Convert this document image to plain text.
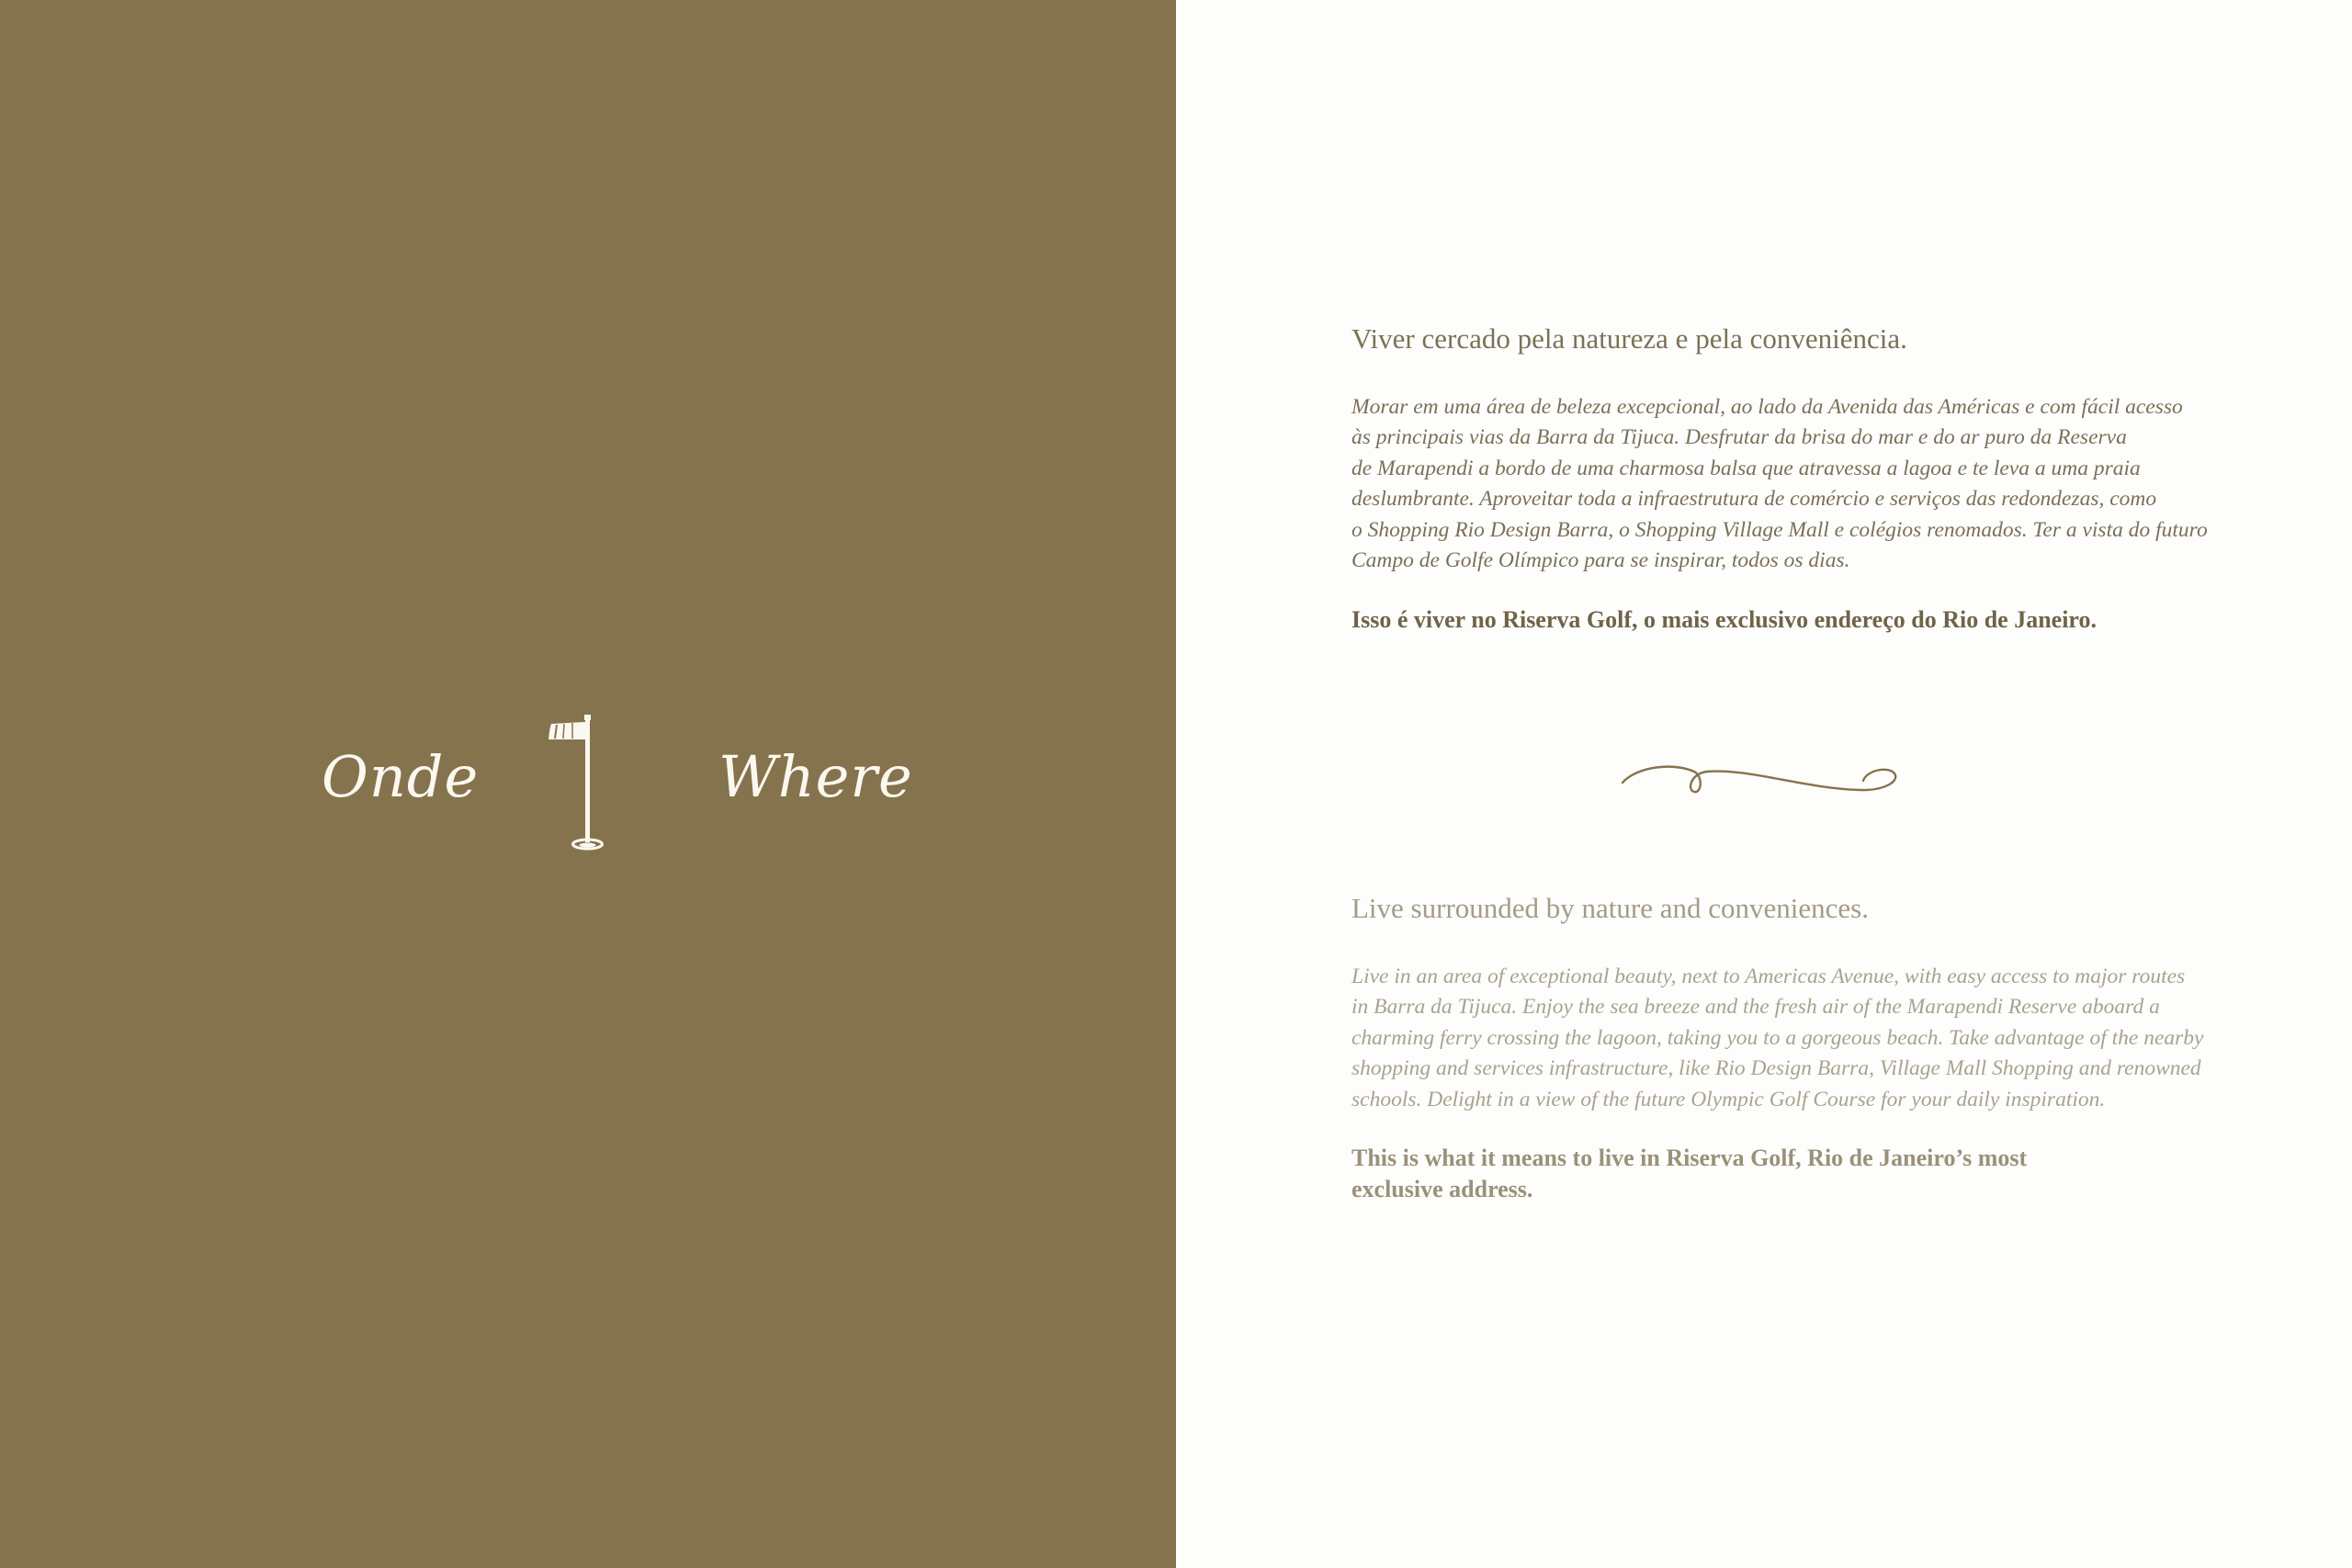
Onde	Where
Viver cercado pela natureza e pela conveniência.
Morar em uma área de beleza excepcional, ao lado da Avenida das Américas e com fácil acesso
às principais vias da Barra da Tijuca. Desfrutar da brisa do mar e do ar puro da Reserva
de Marapendi a bordo de uma charmosa balsa que atravessa a lagoa e te leva a uma praia
deslumbrante. Aproveitar toda a infraestrutura de comércio e serviços das redondezas, como
o Shopping Rio Design Barra, o Shopping Village Mall e colégios renomados. Ter a vista do futuro
Campo de Golfe Olímpico para se inspirar, todos os dias.
Isso é viver no Riserva Golf, o mais exclusivo endereço do Rio de Janeiro.
Live surrounded by nature and conveniences.
Live in an area of exceptional beauty, next to Americas Avenue, with easy access to major routes
in Barra da Tijuca. Enjoy the sea breeze and the fresh air of the Marapendi Reserve aboard a
charming ferry crossing the lagoon, taking you to a gorgeous beach. Take advantage of the nearby
shopping and services infrastructure, like Rio Design Barra, Village Mall Shopping and renowned
schools. Delight in a view of the future Olympic Golf Course for your daily inspiration.
This is what it means to live in Riserva Golf, Rio de Janeiro’s most
exclusive address.
